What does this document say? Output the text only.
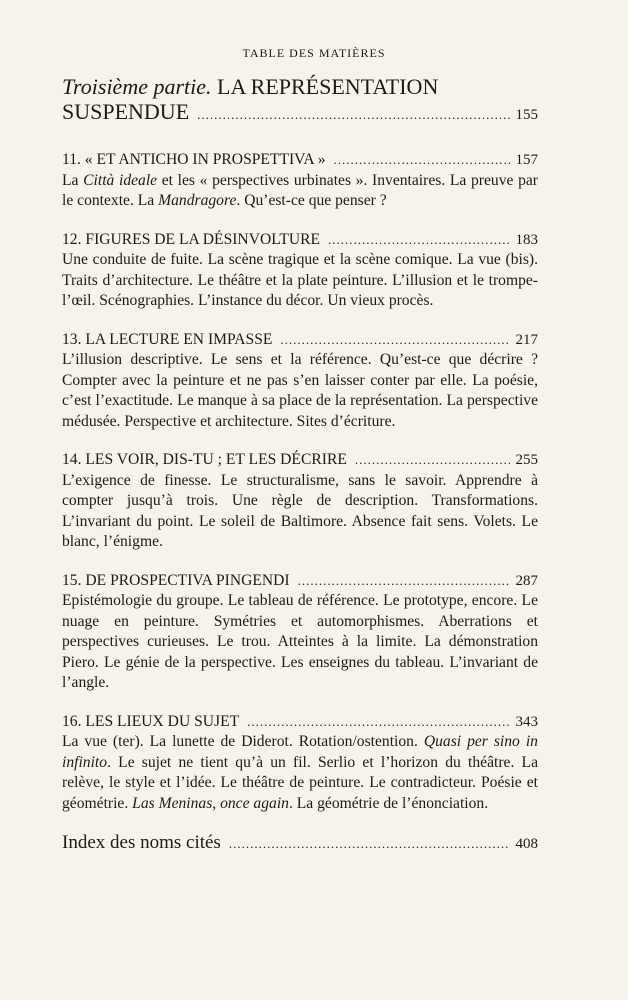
TABLE DES MATIÈRES
Troisième partie. LA REPRÉSENTATION
SUSPENDUE .....	155
11. « ET ANTICHO IN PROSPETTIVA » .....	157
La Città ideale et les « perspectives urbinates ». Inventaires. La preuve par le contexte. La Mandragore. Qu’est-ce que penser ?
12. FIGURES DE LA DÉSINVOLTURE .....	183
Une conduite de fuite. La scène tragique et la scène comique. La vue (bis). Traits d’architecture. Le théâtre et la plate peinture. L’illusion et le trompe-l’œil. Scénographies. L’instance du décor. Un vieux procès.
13. LA LECTURE EN IMPASSE .....	217
L’illusion descriptive. Le sens et la référence. Qu’est-ce que décrire ? Compter avec la peinture et ne pas s’en laisser conter par elle. La poésie, c’est l’exactitude. Le manque à sa place de la représentation. La perspective médusée. Perspective et architecture. Sites d’écriture.
14. LES VOIR, DIS-TU ; ET LES DÉCRIRE .....	255
L’exigence de finesse. Le structuralisme, sans le savoir. Apprendre à compter jusqu’à trois. Une règle de description. Transformations. L’invariant du point. Le soleil de Baltimore. Absence fait sens. Volets. Le blanc, l’énigme.
15. DE PROSPECTIVA PINGENDI .....	287
Epistémologie du groupe. Le tableau de référence. Le prototype, encore. Le nuage en peinture. Symétries et automorphismes. Aberrations et perspectives curieuses. Le trou. Atteintes à la limite. La démonstration Piero. Le génie de la perspective. Les enseignes du tableau. L’invariant de l’angle.
16. LES LIEUX DU SUJET .....	343
La vue (ter). La lunette de Diderot. Rotation/ostention. Quasi per sino in infinito. Le sujet ne tient qu’à un fil. Serlio et l’horizon du théâtre. La relève, le style et l’idée. Le théâtre de peinture. Le contradicteur. Poésie et géométrie. Las Meninas, once again. La géométrie de l’énonciation.
Index des noms cités .....	408
